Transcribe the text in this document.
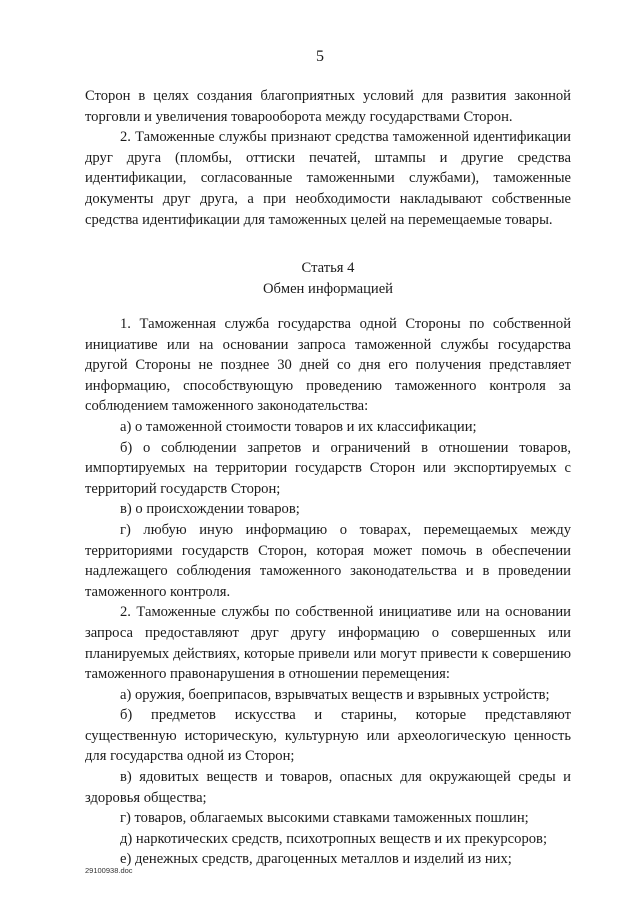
5

Сторон в целях создания благоприятных условий для развития законной торговли и увеличения товарооборота между государствами Сторон.

2. Таможенные службы признают средства таможенной идентификации друг друга (пломбы, оттиски печатей, штампы и другие средства идентификации, согласованные таможенными службами), таможенные документы друг друга, а при необходимости накладывают собственные средства идентификации для таможенных целей на перемещаемые товары.

Статья 4

Обмен информацией

1. Таможенная служба государства одной Стороны по собственной инициативе или на основании запроса таможенной службы государства другой Стороны не позднее 30 дней со дня его получения представляет информацию, способствующую проведению таможенного контроля за соблюдением таможенного законодательства:

а) о таможенной стоимости товаров и их классификации;

б) о соблюдении запретов и ограничений в отношении товаров, импортируемых на территории государств Сторон или экспортируемых с территорий государств Сторон;

в) о происхождении товаров;

г) любую иную информацию о товарах, перемещаемых между территориями государств Сторон, которая может помочь в обеспечении надлежащего соблюдения таможенного законодательства и в проведении таможенного контроля.

2. Таможенные службы по собственной инициативе или на основании запроса предоставляют друг другу информацию о совершенных или планируемых действиях, которые привели или могут привести к совершению таможенного правонарушения в отношении перемещения:

а) оружия, боеприпасов, взрывчатых веществ и взрывных устройств;

б) предметов искусства и старины, которые представляют существенную историческую, культурную или археологическую ценность для государства одной из Сторон;

в) ядовитых веществ и товаров, опасных для окружающей среды и здоровья общества;

г) товаров, облагаемых высокими ставками таможенных пошлин;

д) наркотических средств, психотропных веществ и их прекурсоров;

е) денежных средств, драгоценных металлов и изделий из них;

29100938.doc
